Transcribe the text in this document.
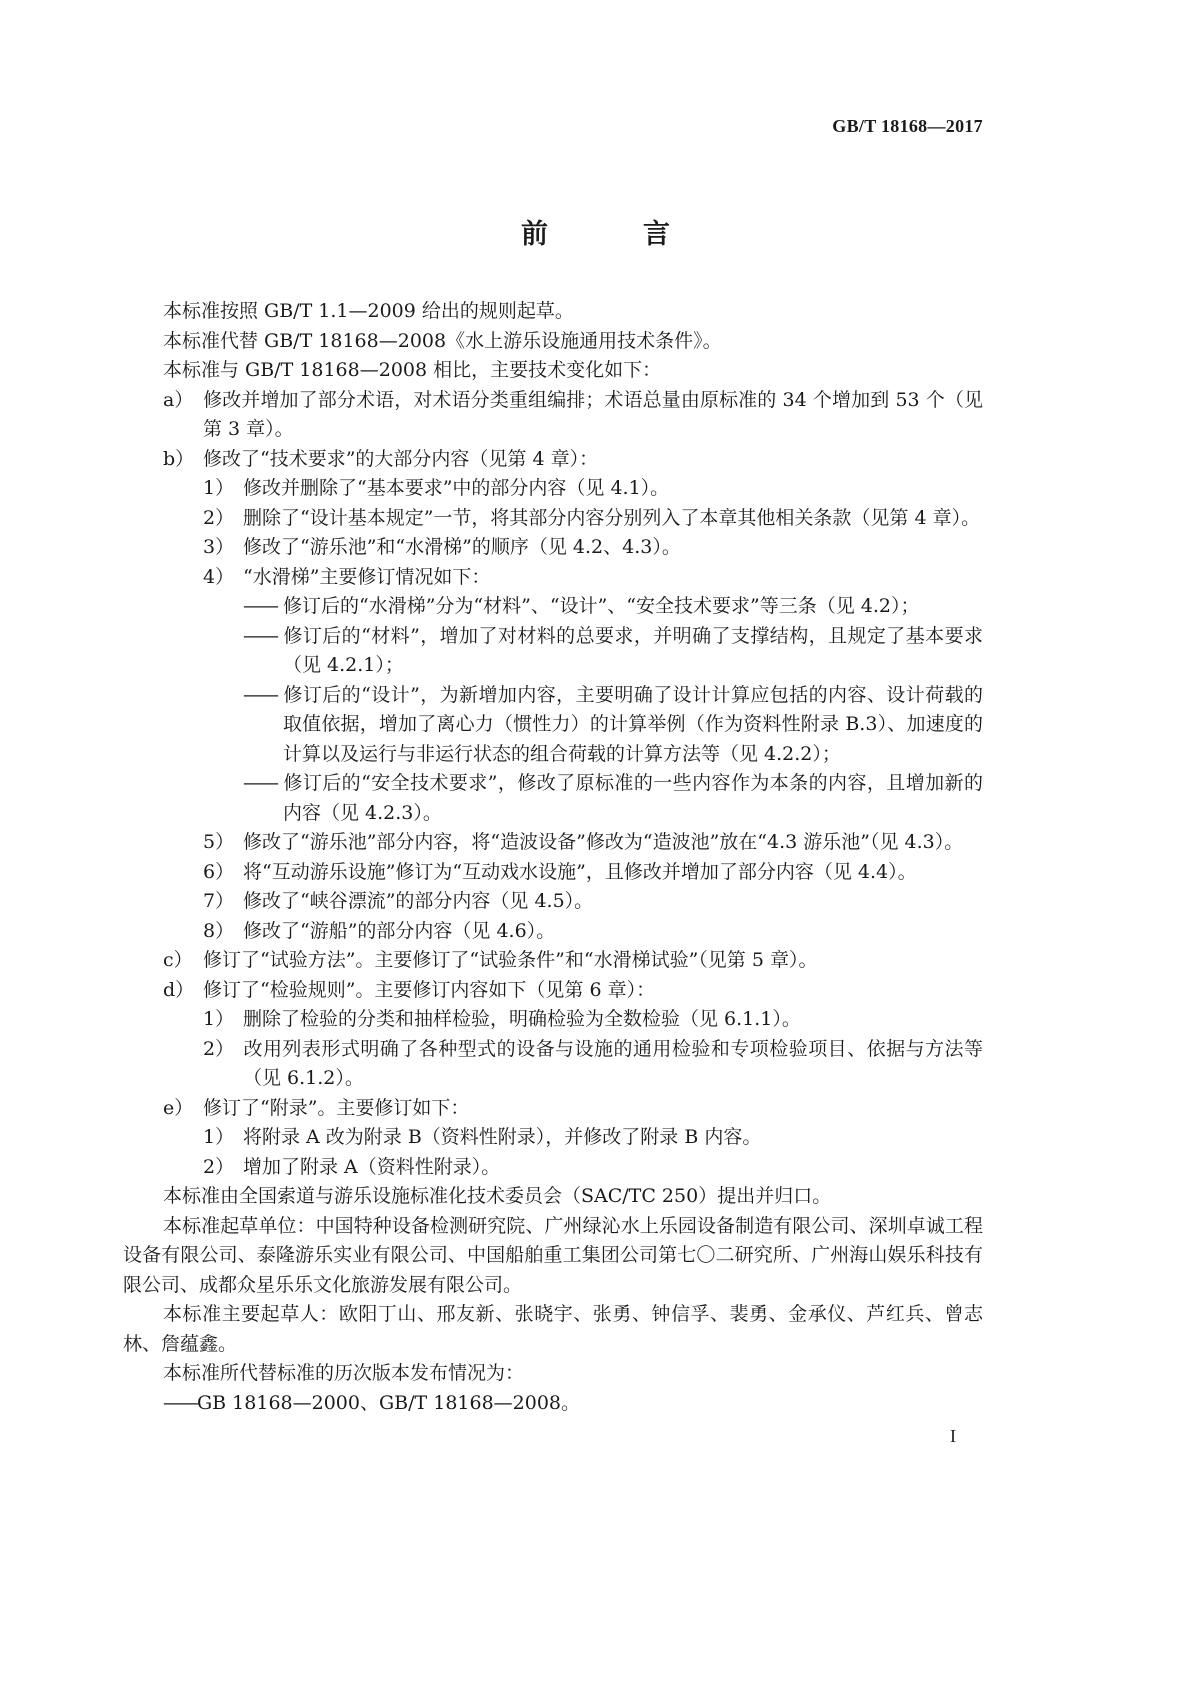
GB/T 18168—2017
前　言
本标准按照 GB/T 1.1—2009 给出的规则起草。
本标准代替 GB/T 18168—2008《水上游乐设施通用技术条件》。
本标准与 GB/T 18168—2008 相比，主要技术变化如下：
a） 修改并增加了部分术语，对术语分类重组编排；术语总量由原标准的 34 个增加到 53 个（见第 3 章）。
b） 修改了“技术要求”的大部分内容（见第 4 章）：
1） 修改并删除了“基本要求”中的部分内容（见 4.1）。
2） 删除了“设计基本规定”一节，将其部分内容分别列入了本章其他相关条款（见第 4 章）。
3） 修改了“游乐池”和“水滑梯”的顺序（见 4.2、4.3）。
4） “水滑梯”主要修订情况如下：
—— 修订后的“水滑梯”分为“材料”、“设计”、“安全技术要求”等三条（见 4.2）；
—— 修订后的“材料”，增加了对材料的总要求，并明确了支撑结构，且规定了基本要求（见 4.2.1）；
—— 修订后的“设计”，为新增加内容，主要明确了设计计算应包括的内容、设计荷载的取值依据，增加了离心力（惯性力）的计算举例（作为资料性附录 B.3）、加速度的计算以及运行与非运行状态的组合荷载的计算方法等（见 4.2.2）；
—— 修订后的“安全技术要求”，修改了原标准的一些内容作为本条的内容，且增加新的内容（见 4.2.3）。
5） 修改了“游乐池”部分内容，将“造波设备”修改为“造波池”放在“4.3 游乐池”（见 4.3）。
6） 将“互动游乐设施”修订为“互动戏水设施”，且修改并增加了部分内容（见 4.4）。
7） 修改了“峡谷漂流”的部分内容（见 4.5）。
8） 修改了“游船”的部分内容（见 4.6）。
c） 修订了“试验方法”。主要修订了“试验条件”和“水滑梯试验”（见第 5 章）。
d） 修订了“检验规则”。主要修订内容如下（见第 6 章）：
1） 删除了检验的分类和抽样检验，明确检验为全数检验（见 6.1.1）。
2） 改用列表形式明确了各种型式的设备与设施的通用检验和专项检验项目、依据与方法等（见 6.1.2）。
e） 修订了“附录”。主要修订如下：
1） 将附录 A 改为附录 B（资料性附录），并修改了附录 B 内容。
2） 增加了附录 A（资料性附录）。
本标准由全国索道与游乐设施标准化技术委员会（SAC/TC 250）提出并归口。
本标准起草单位：中国特种设备检测研究院、广州绿沁水上乐园设备制造有限公司、深圳卓诚工程设备有限公司、泰隆游乐实业有限公司、中国船舶重工集团公司第七〇二研究所、广州海山娱乐科技有限公司、成都众星乐乐文化旅游发展有限公司。
本标准主要起草人：欧阳丁山、邢友新、张晓宇、张勇、钟信孚、裴勇、金承仪、芦红兵、曾志林、詹蕴鑫。
本标准所代替标准的历次版本发布情况为：
——GB 18168—2000、GB/T 18168—2008。
I
